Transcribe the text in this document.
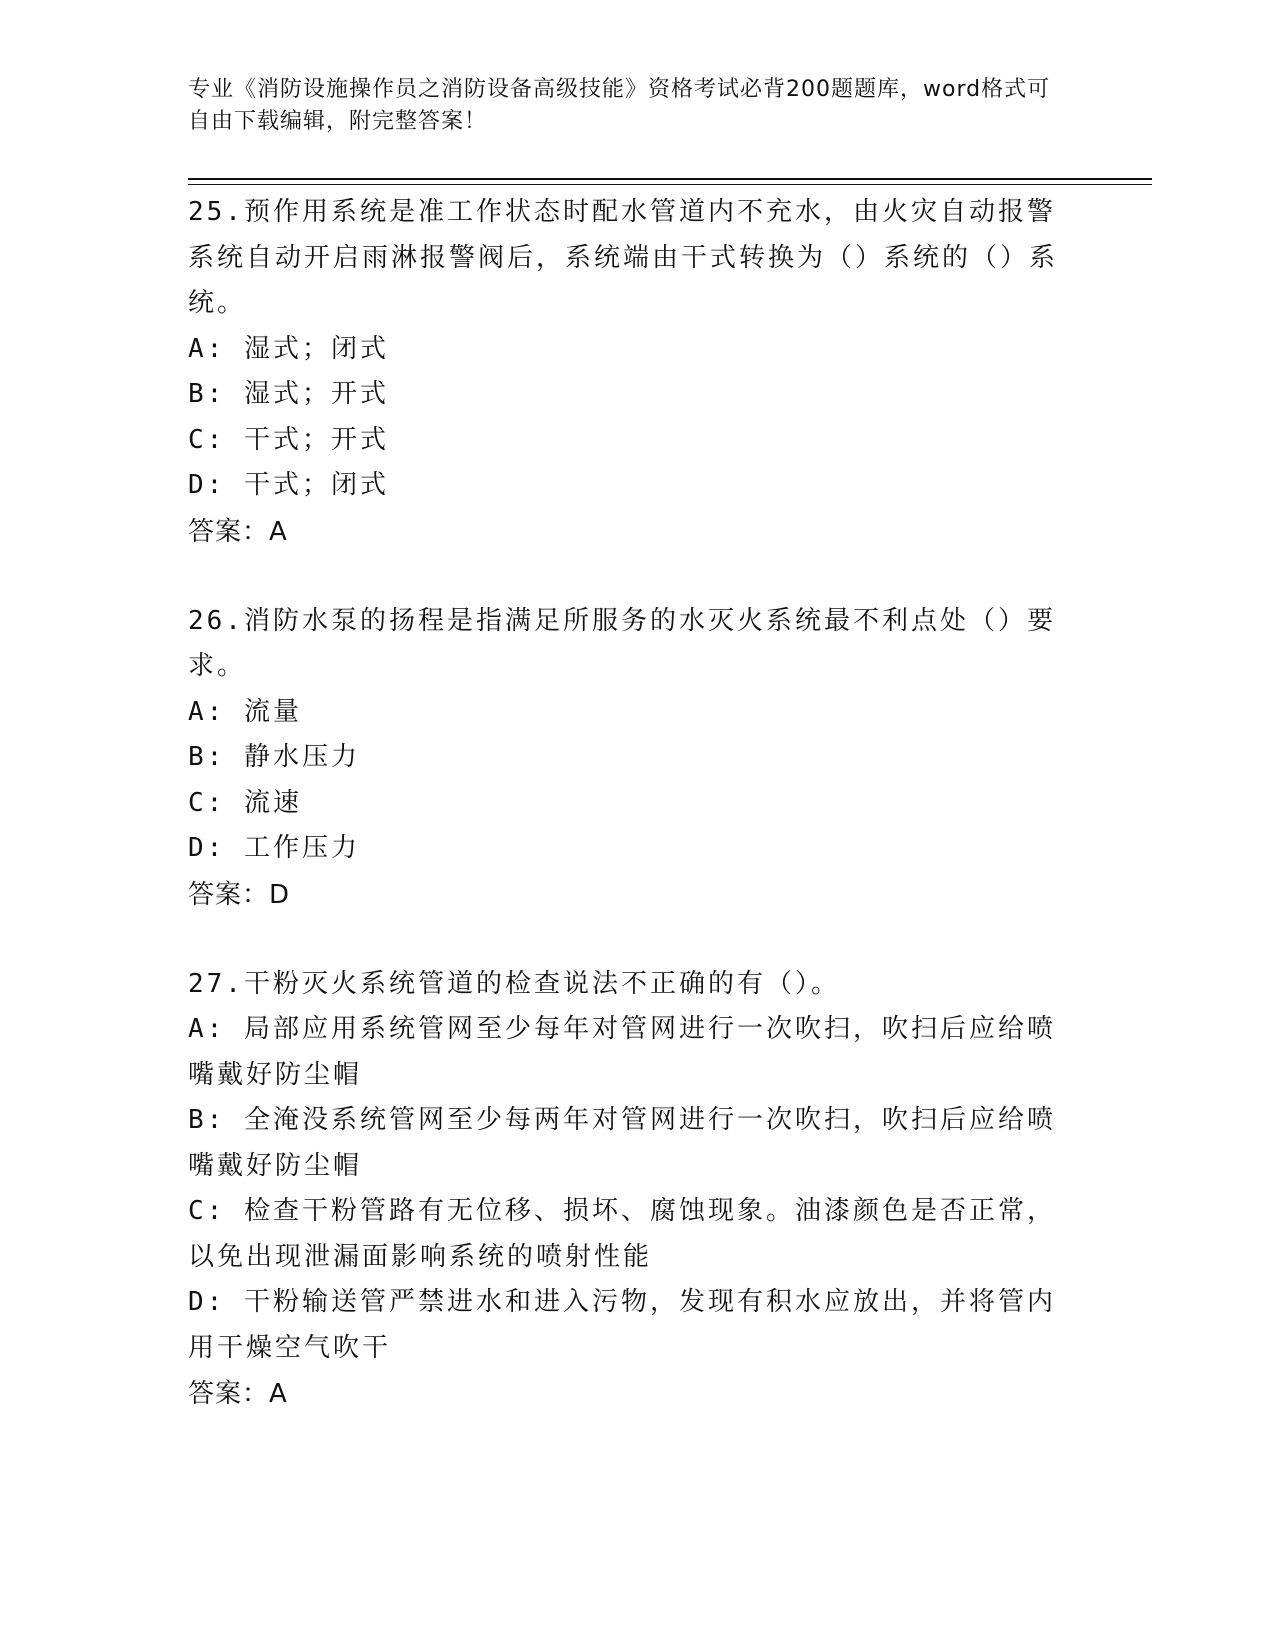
专业《消防设施操作员之消防设备高级技能》资格考试必背200题题库，word格式可自由下载编辑，附完整答案！
25.预作用系统是准工作状态时配水管道内不充水，由火灾自动报警系统自动开启雨淋报警阀后，系统端由干式转换为（）系统的（）系统。
A: 湿式；闭式
B: 湿式；开式
C: 干式；开式
D: 干式；闭式
答案：A
26.消防水泵的扬程是指满足所服务的水灭火系统最不利点处（）要求。
A: 流量
B: 静水压力
C: 流速
D: 工作压力
答案：D
27.干粉灭火系统管道的检查说法不正确的有（）。
A: 局部应用系统管网至少每年对管网进行一次吹扫，吹扫后应给喷嘴戴好防尘帽
B: 全淹没系统管网至少每两年对管网进行一次吹扫，吹扫后应给喷嘴戴好防尘帽
C: 检查干粉管路有无位移、损坏、腐蚀现象。油漆颜色是否正常，以免出现泄漏面影响系统的喷射性能
D: 干粉输送管严禁进水和进入污物，发现有积水应放出，并将管内用干燥空气吹干
答案：A
